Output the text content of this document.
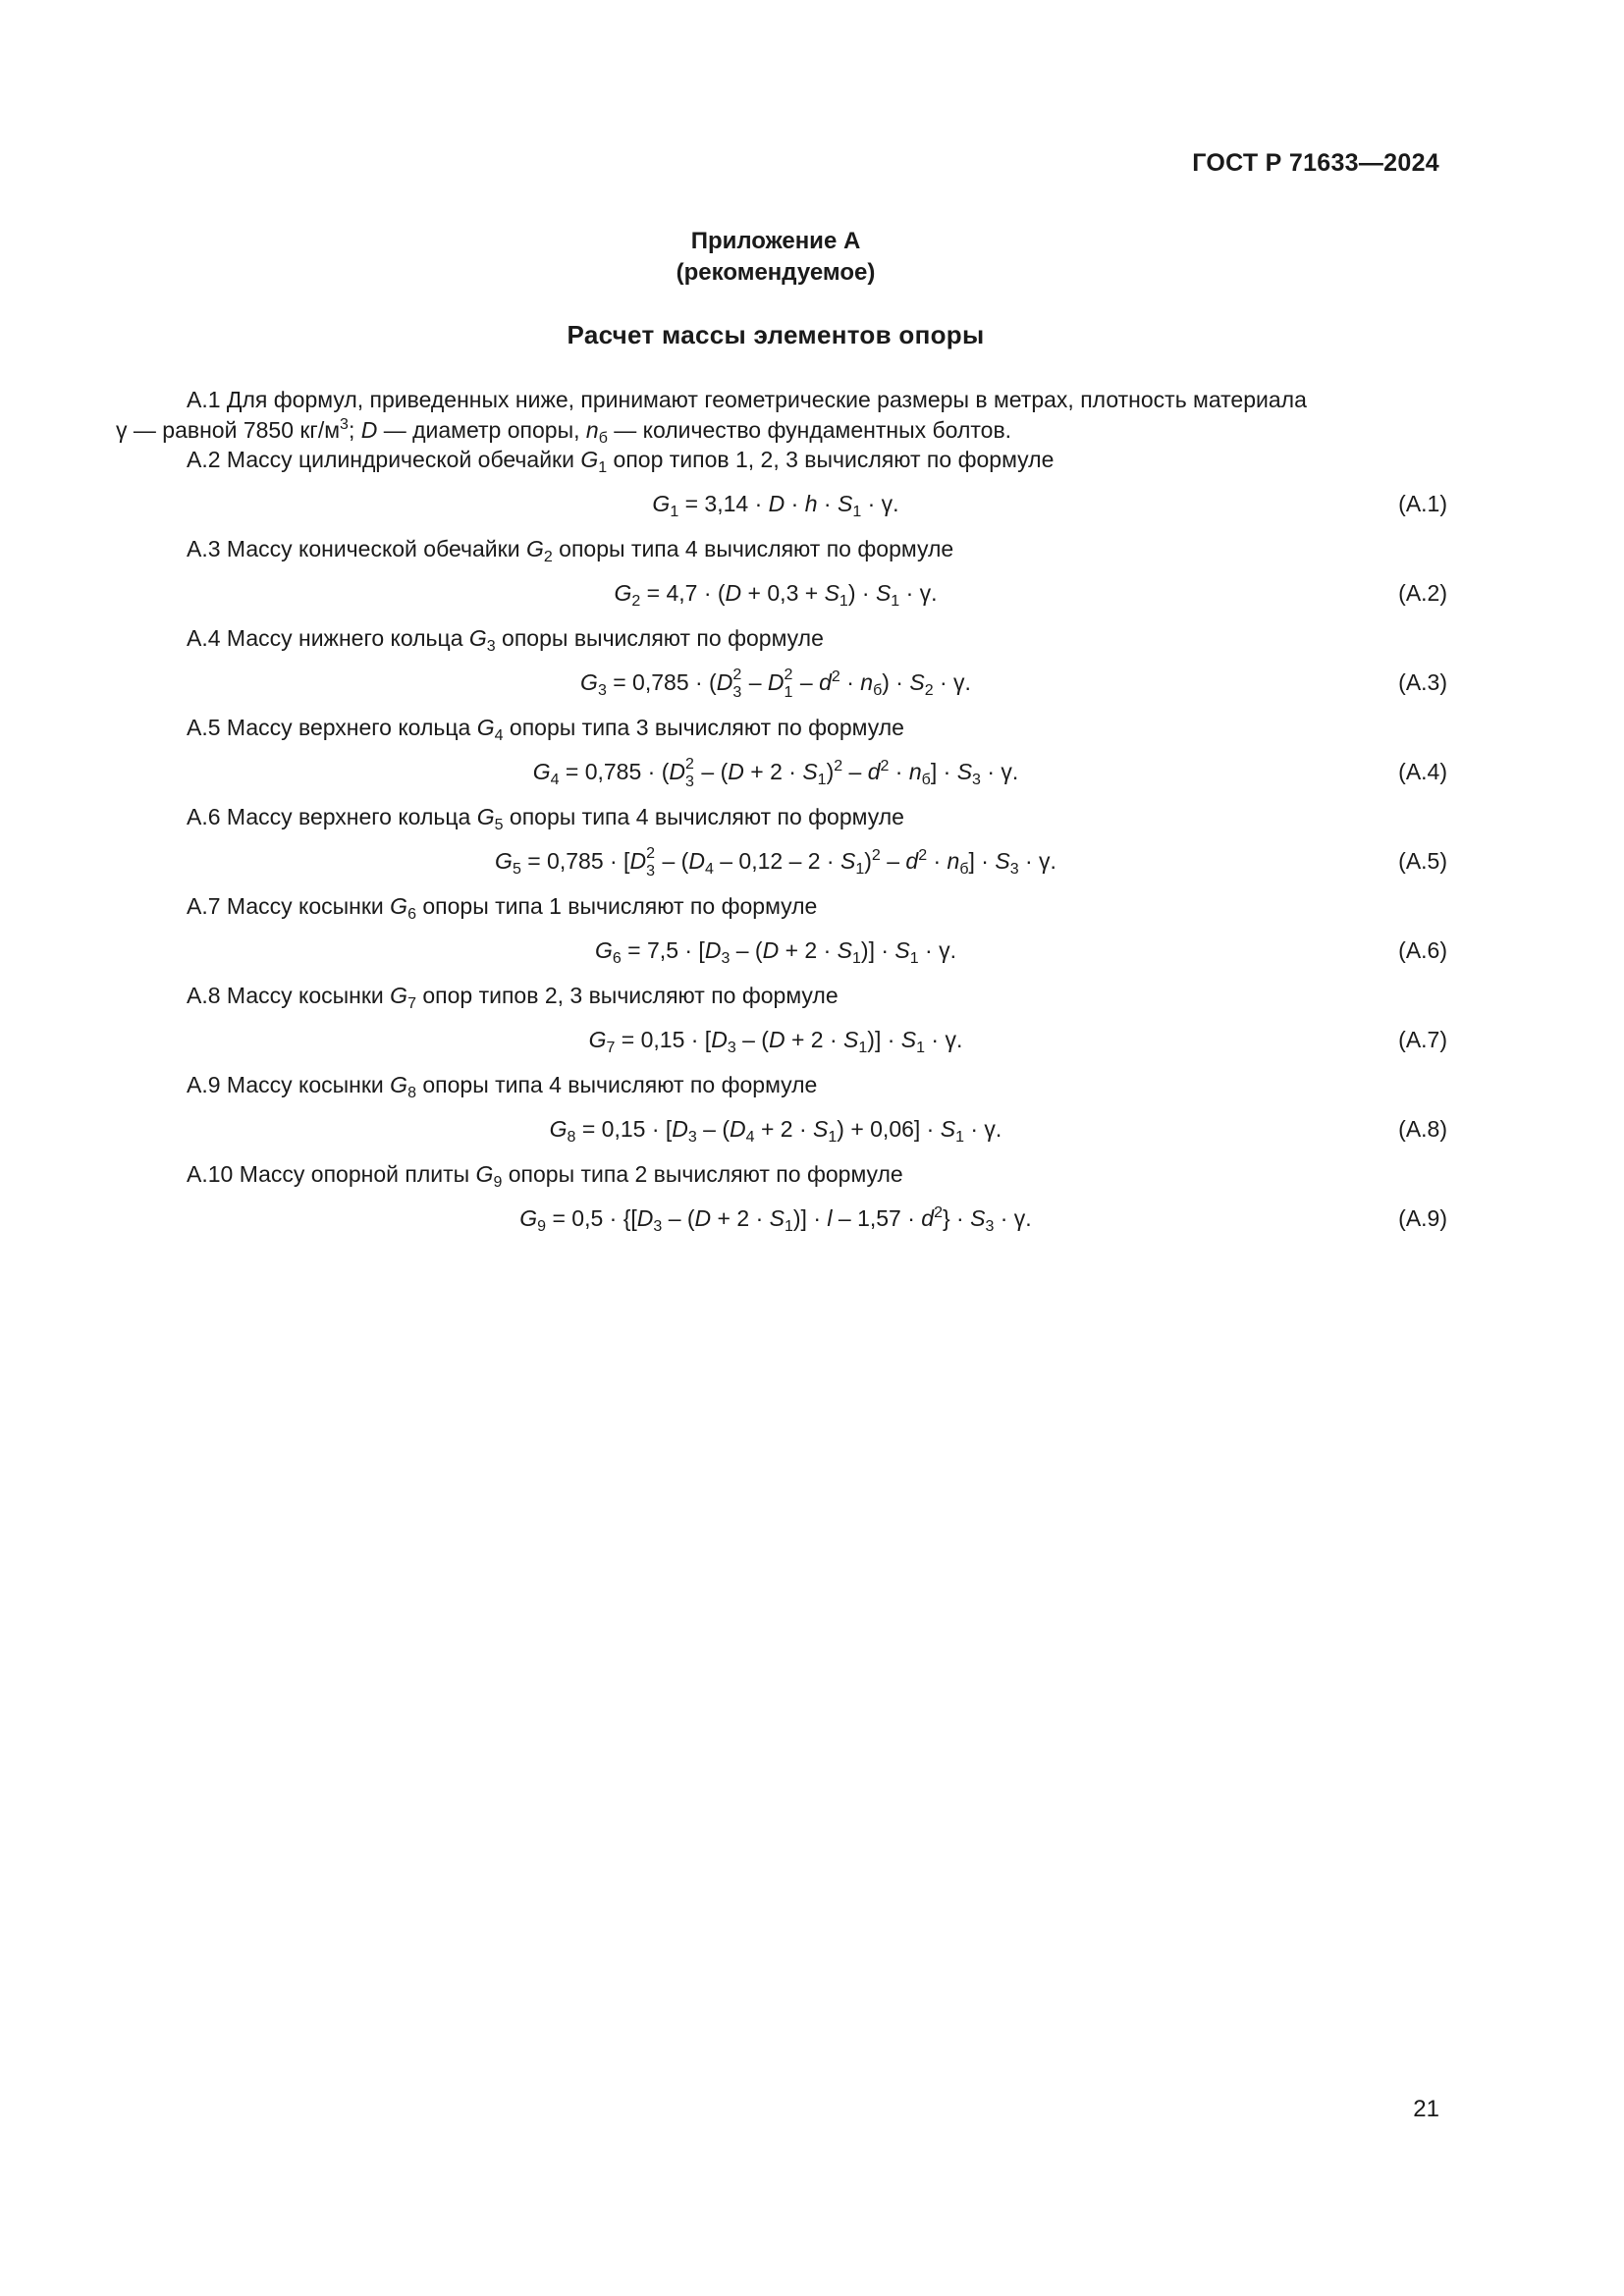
ГОСТ Р 71633—2024
Приложение А
(рекомендуемое)
Расчет массы элементов опоры
А.1 Для формул, приведенных ниже, принимают геометрические размеры в метрах, плотность материала
γ — равной 7850 $кг/м^3$; D — диаметр опоры, $n_б$ — количество фундаментных болтов.
А.2 Массу цилиндрической обечайки $G_1$ опор типов 1, 2, 3 вычисляют по формуле
$G_1 = 3,14 \cdot D \cdot h \cdot S_1 \cdot \gamma$.	(А.1)
А.3 Массу конической обечайки $G_2$ опоры типа 4 вычисляют по формуле
$G_2 = 4,7 \cdot (D + 0,3 + S_1) \cdot S_1 \cdot \gamma$.	(А.2)
А.4 Массу нижнего кольца $G_3$ опоры вычисляют по формуле
$G_3 = 0,785 \cdot (D$ 2
3 – D 2
$1 - d^2 \cdot n_б) \cdot S_2 \cdot \gamma$.	(А.3)
А.5 Массу верхнего кольца $G_4$ опоры типа 3 вычисляют по формуле
$G_4 = 0,785 \cdot (D$ 2
$3 - (D + 2 \cdot S_1)^2 - d^2 \cdot n_б] \cdot S_3 \cdot \gamma$.	(А.4)
А.6 Массу верхнего кольца $G_5$ опоры типа 4 вычисляют по формуле
$G_5 = 0,785 \cdot [D$ 2
$3 - (D_4 - 0,12 - 2 \cdot S_1)^2 - d^2 \cdot n_б] \cdot S_3 \cdot \gamma$.	(А.5)
А.7 Массу косынки $G_6$ опоры типа 1 вычисляют по формуле
$G_6 = 7,5 \cdot [D_3 - (D + 2 \cdot S_1)] \cdot S_1 \cdot \gamma$.	(А.6)
А.8 Массу косынки $G_7$ опор типов 2, 3 вычисляют по формуле
$G_7 = 0,15 \cdot [D_3 - (D + 2 \cdot S_1)] \cdot S_1 \cdot \gamma$.	(А.7)
А.9 Массу косынки $G_8$ опоры типа 4 вычисляют по формуле
$G_8 = 0,15 \cdot [D_3 - (D_4 + 2 \cdot S_1) + 0,06] \cdot S_1 \cdot \gamma$.	(А.8)
А.10 Массу опорной плиты $G_9$ опоры типа 2 вычисляют по формуле
$G_9 = 0,5 \cdot \{[D_3 - (D + 2 \cdot S_1)] \cdot l - 1,57 \cdot d^2\} \cdot S_3 \cdot \gamma$.	(А.9)
21
